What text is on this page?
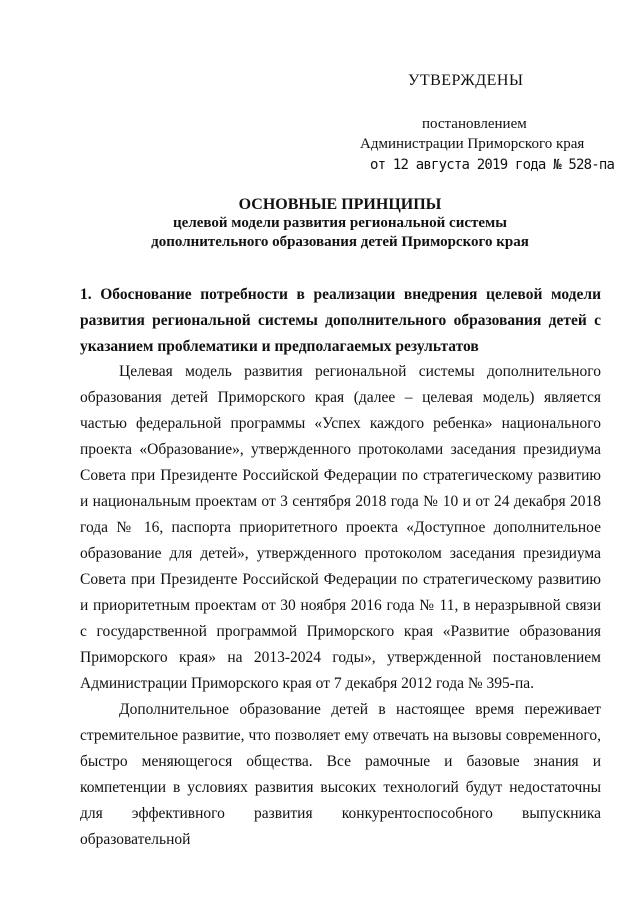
УТВЕРЖДЕНЫ
постановлением
Администрации Приморского края
от 12 августа 2019 года № 528-па
ОСНОВНЫЕ ПРИНЦИПЫ
целевой модели развития региональной системы
дополнительного образования детей Приморского края

1. Обоснование потребности в реализации внедрения целевой модели развития региональной системы дополнительного образования детей с указанием проблематики и предполагаемых результатов

Целевая модель развития региональной системы дополнительного образования детей Приморского края (далее – целевая модель) является частью федеральной программы «Успех каждого ребенка» национального проекта «Образование», утвержденного протоколами заседания президиума Совета при Президенте Российской Федерации по стратегическому развитию и национальным проектам от 3 сентября 2018 года № 10 и от 24 декабря 2018 года № 16, паспорта приоритетного проекта «Доступное дополнительное образование для детей», утвержденного протоколом заседания президиума Совета при Президенте Российской Федерации по стратегическому развитию и приоритетным проектам от 30 ноября 2016 года № 11, в неразрывной связи с государственной программой Приморского края «Развитие образования Приморского края» на 2013-2024 годы», утвержденной постановлением Администрации Приморского края от 7 декабря 2012 года № 395-па.

Дополнительное образование детей в настоящее время переживает стремительное развитие, что позволяет ему отвечать на вызовы современного, быстро меняющегося общества. Все рамочные и базовые знания и компетенции в условиях развития высоких технологий будут недостаточны для эффективного развития конкурентоспособного выпускника образовательной
